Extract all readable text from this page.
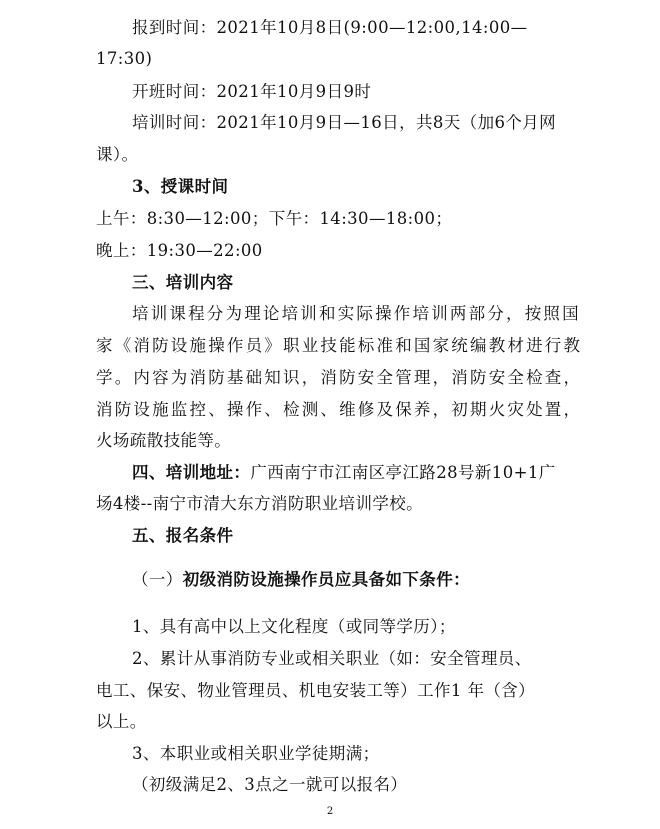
报到时间：2021年10月8日(9:00—12:00,14:00—
17:30)
开班时间：2021年10月9日9时
培训时间：2021年10月9日—16日，共8天（加6个月网
课）。
3、授课时间
上午：8:30—12:00；下午：14:30—18:00；
晚上：19:30—22:00
三、培训内容
培训课程分为理论培训和实际操作培训两部分，按照国
家《消防设施操作员》职业技能标准和国家统编教材进行教
学。内容为消防基础知识，消防安全管理，消防安全检查，
消防设施监控、操作、检测、维修及保养，初期火灾处置，
火场疏散技能等。
四、培训地址：广西南宁市江南区亭江路28号新10+1广
场4楼--南宁市清大东方消防职业培训学校。
五、报名条件
（一）初级消防设施操作员应具备如下条件：
1、具有高中以上文化程度（或同等学历）；
2、累计从事消防专业或相关职业（如：安全管理员、
电工、保安、物业管理员、机电安装工等）工作1 年（含）
以上。
3、本职业或相关职业学徒期满；
（初级满足2、3点之一就可以报名）
2
